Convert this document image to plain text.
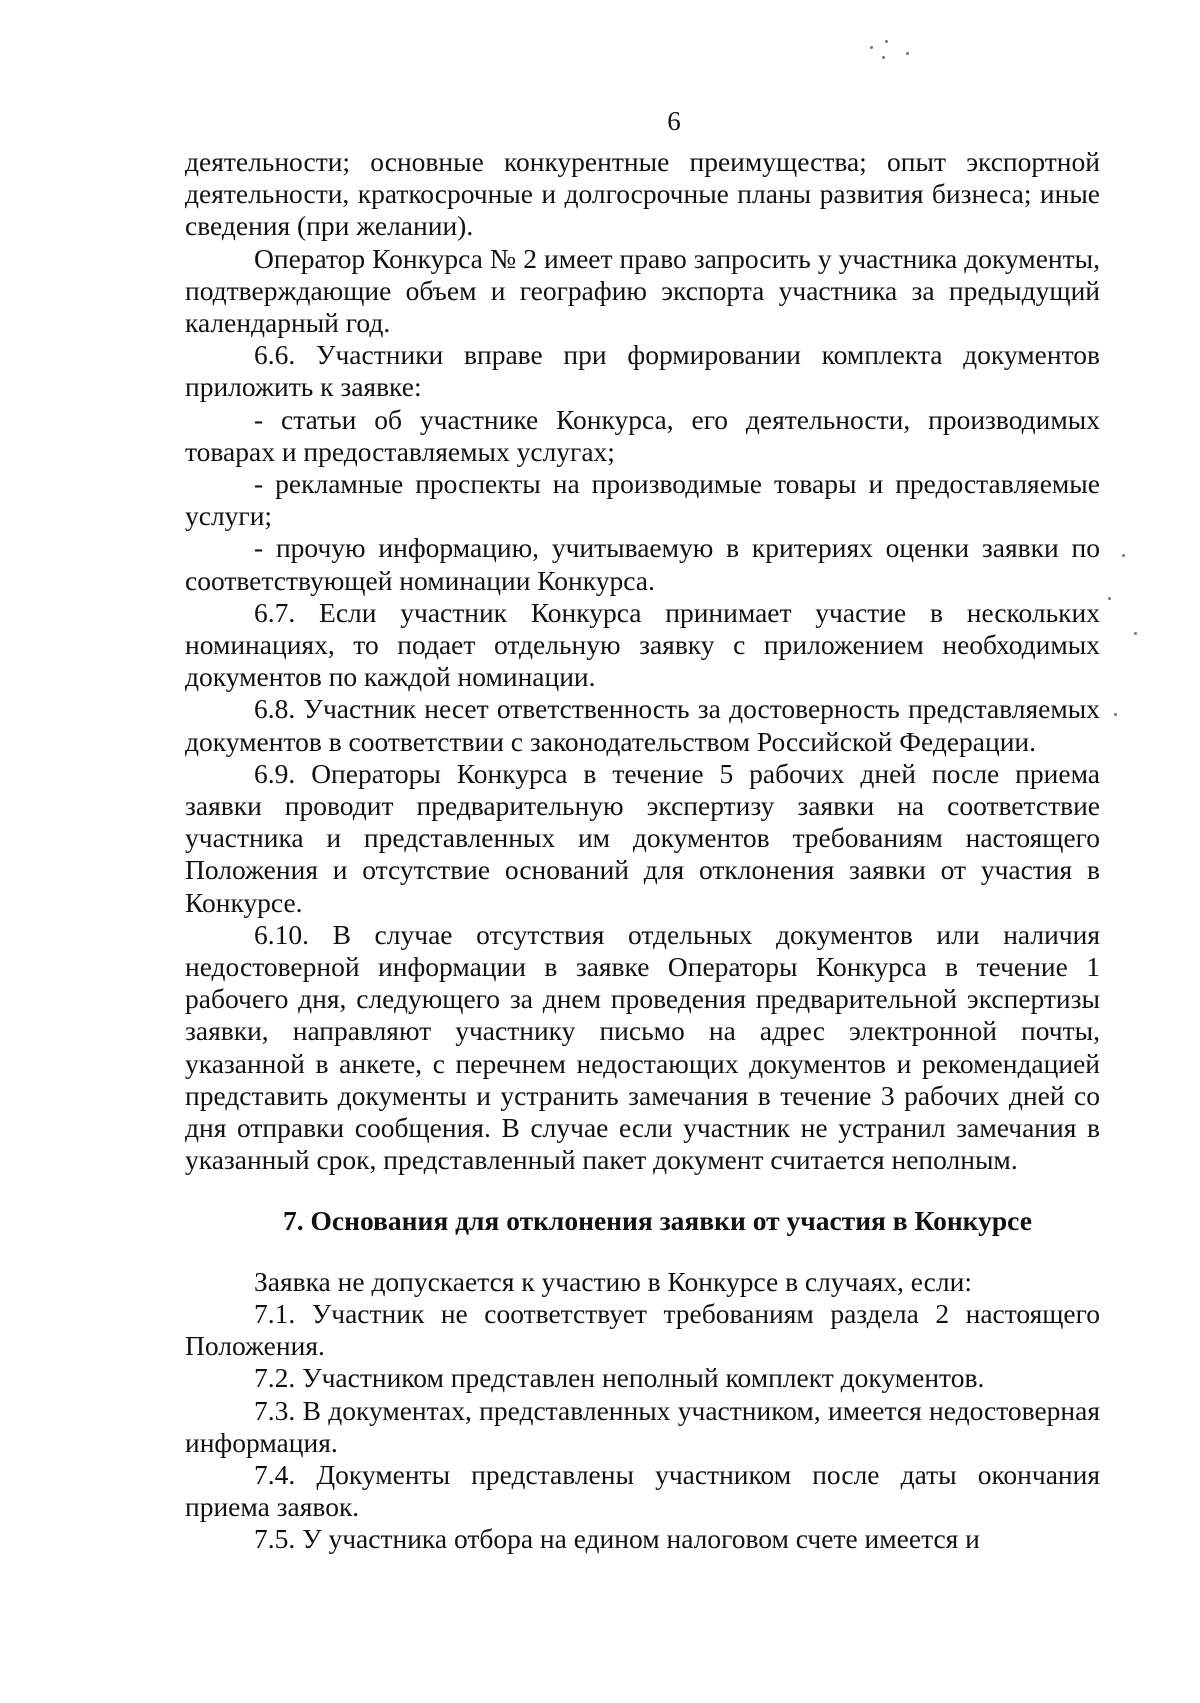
6

деятельности; основные конкурентные преимущества; опыт экспортной деятельности, краткосрочные и долгосрочные планы развития бизнеса; иные сведения (при желании).

Оператор Конкурса № 2 имеет право запросить у участника документы, подтверждающие объем и географию экспорта участника за предыдущий календарный год.

6.6. Участники вправе при формировании комплекта документов приложить к заявке:

- статьи об участнике Конкурса, его деятельности, производимых товарах и предоставляемых услугах;

- рекламные проспекты на производимые товары и предоставляемые услуги;

- прочую информацию, учитываемую в критериях оценки заявки по соответствующей номинации Конкурса.

6.7. Если участник Конкурса принимает участие в нескольких номинациях, то подает отдельную заявку с приложением необходимых документов по каждой номинации.

6.8. Участник несет ответственность за достоверность представляемых документов в соответствии с законодательством Российской Федерации.

6.9. Операторы Конкурса в течение 5 рабочих дней после приема заявки проводит предварительную экспертизу заявки на соответствие участника и представленных им документов требованиям настоящего Положения и отсутствие оснований для отклонения заявки от участия в Конкурсе.

6.10. В случае отсутствия отдельных документов или наличия недостоверной информации в заявке Операторы Конкурса в течение 1 рабочего дня, следующего за днем проведения предварительной экспертизы заявки, направляют участнику письмо на адрес электронной почты, указанной в анкете, с перечнем недостающих документов и рекомендацией представить документы и устранить замечания в течение 3 рабочих дней со дня отправки сообщения. В случае если участник не устранил замечания в указанный срок, представленный пакет документ считается неполным.

7. Основания для отклонения заявки от участия в Конкурсе

Заявка не допускается к участию в Конкурсе в случаях, если:

7.1. Участник не соответствует требованиям раздела 2 настоящего Положения.

7.2. Участником представлен неполный комплект документов.

7.3. В документах, представленных участником, имеется недостоверная информация.

7.4. Документы представлены участником после даты окончания приема заявок.

7.5. У участника отбора на едином налоговом счете имеется и
